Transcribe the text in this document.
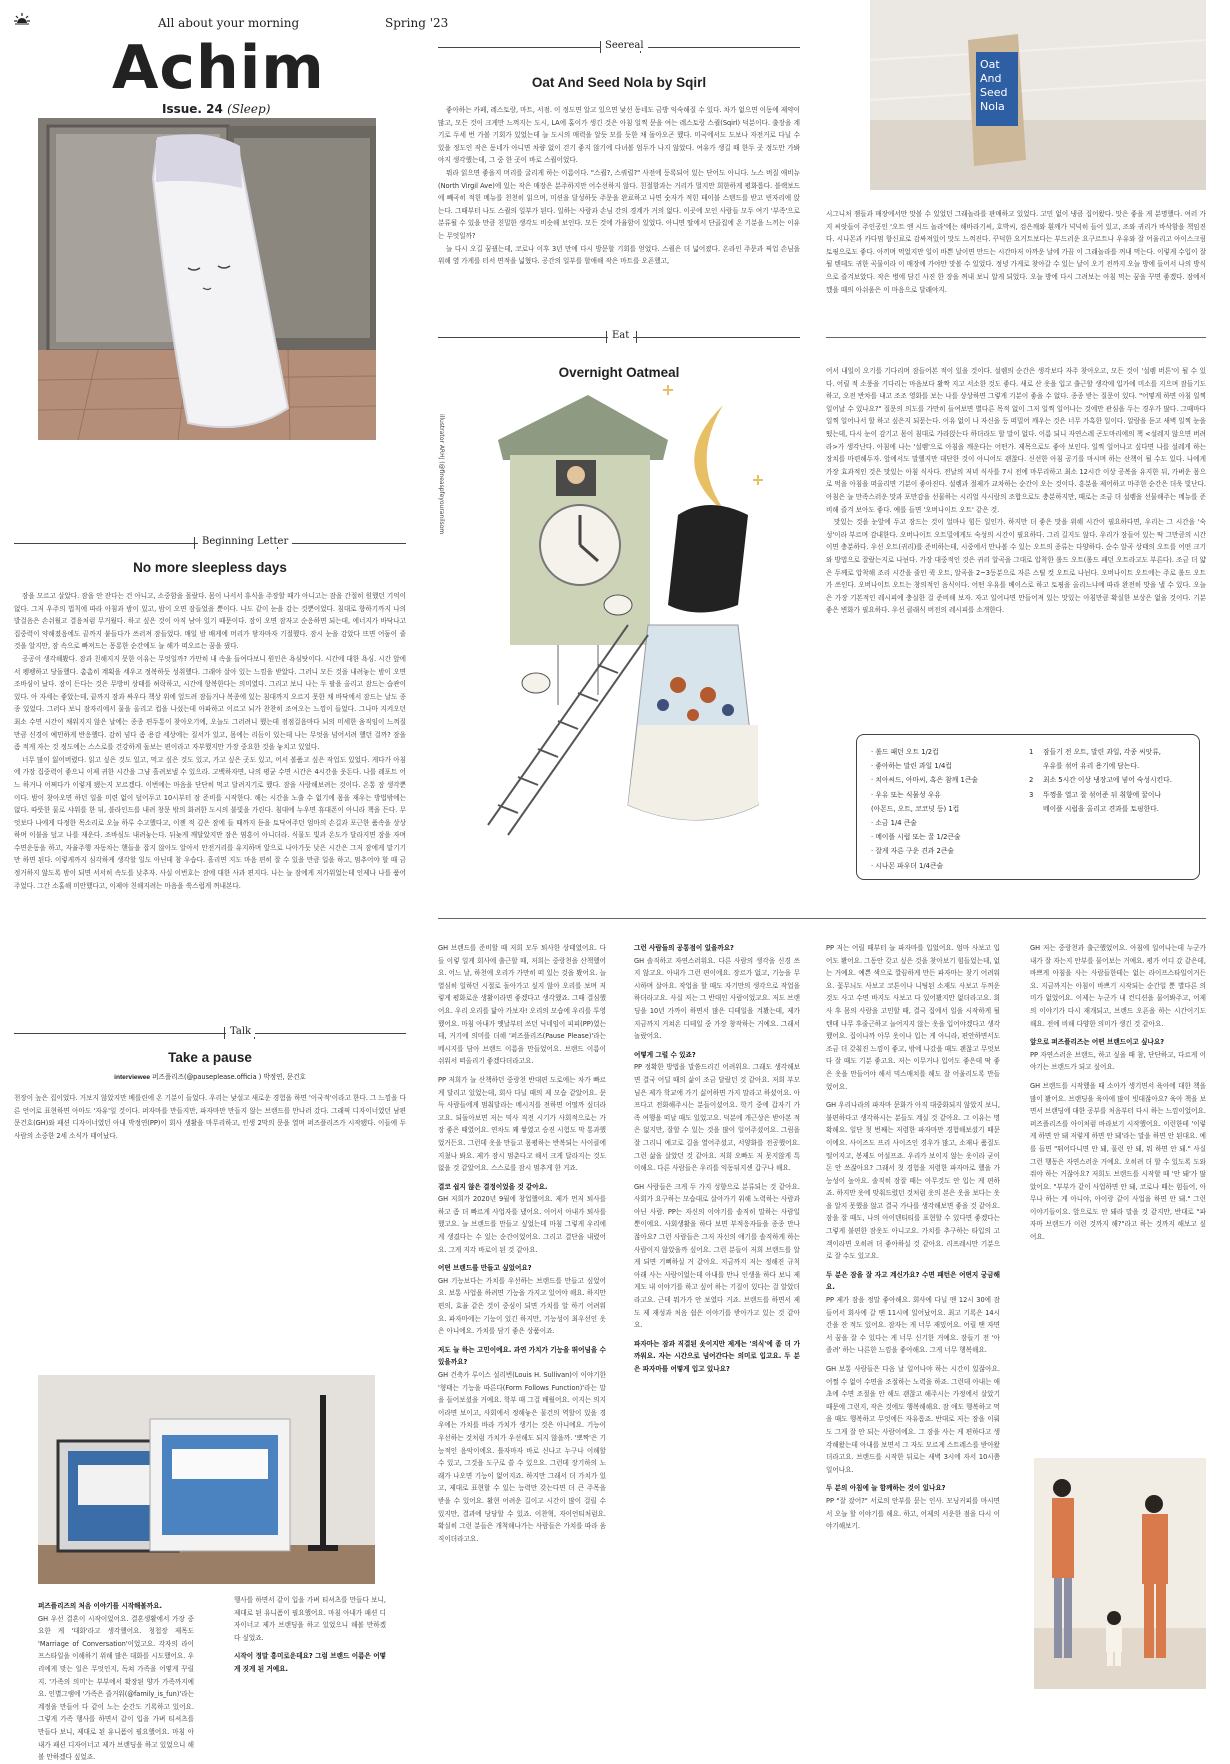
All about your morning	Spring '23
Achim
Issue. 24 (Sleep)
Beginning Letter
No more sleepless days

잠을 모르고 살았다. 잠을 안 잔다는 건 아니고, 소중함을 몰랐다. 몸이 나서서 휴식을 주장할 때가 아니고는 잠을 간절히 원했던 기억이 없다. 그저 우주의 법칙에 따라 아침과 밤이 있고, 밤이 오면 잠들었을 뿐이다. 나도 같이 눈을 감는 것뿐이었다. 침대로 향하기까지 나의 발걸음은 손쉬웠고 결음처럼 무거웠다. 하고 싶은 것이 아직 남아 있기 때문이다. 잠이 오면 잠자고 순응하면 되는데, 에너지가 바닥나고 집중력이 약해졌음에도 끝까지 붙들다가 쓰러져 잠들었다. 매일 밤 배게에 머리가 닿자마자 기절했다. 잠시 눈을 감았다 뜨면 어둠이 줄 것을 알지만, 잠 속으로 빠져드는 몽롱한 순간에도 늘 해가 떠오르는 꿈을 꿨다.

공공이 생각해봤다. 잠과 친해지지 못한 이유는 무엇일까? 가만히 내 속을 들여다보니 원인은 욕심탓이다. 시간에 대한 욕심. 시간 앞에서 펭펭하고 당돌했다. 촘촘히 계획을 세우고 정복하듯 성취했다. 그래야 살아 있는 느낌을 받았다. 그러니 모든 것을 내려놓는 밤이 오면 조바심이 났다. 잠이 든다는 것은 무방비 상태를 허락하고, 시간에 항복한다는 의미였다. 그리고 보니 나는 두 팔을 올리고 잠드는 습관이 있다. 아 자세는 좋았는데, 끝까지 잠과 싸우다 책상 위에 엎드려 잠들거나 복종에 있는 침대까지 오르지 못한 채 바닥에서 잠드는 날도 종종 있었다. 그러다 보니 잠자리에서 물을 올리고 컵을 나섰는데 아파하고 이르고 뇌가 찬찬히 조여오는 느낌이 들었다. 그나마 지켜오던 최소 수면 시간이 채워지지 않은 날에는 종종 편두통이 찾아오기에, 오늘도 그러려니 했는데 점점걸음마다 뇌의 미세한 움직임이 느껴질 만큼 신경이 예민하게 반응했다. 감히 넘다 좀 용감 세상에는 질서가 있고, 몸에는 리듬이 있는데 나는 무엇을 넘어서려 했던 걸까? 잠을 좀 적게 자는 것 정도에는 스스로를 건강하게 돌보는 편이라고 자부했지만 가장 중요한 것을 놓치고 있었다.

너무 많이 잃어버렸다. 읽고 싶은 것도 있고, 먹고 싶은 것도 있고, 가고 싶은 곳도 있고, 어서 볼품고 싶은 작업도 있었다. 게다가 아침에 가장 집중력이 좋으니 이제 귀한 시간을 그냥 흘려보낼 수 있으라. 고백하자면, 나의 평균 수면 시간은 4시간을 웃돈다. 나를 레포트 어느 하거나 어쩌다가 이렇게 됐는지 모르겠다. 이번에는 마음을 단단히 먹고 달려지기로 했다. 잠을 사랑해보려는 것이다. 온통 잠 생각뿐이다. 밤이 찾아오면 하던 일을 미련 없이 덮어두고 10시부터 잠 준비를 시작한다. 해는 시간을 노출 수 없기에 몸을 재우는 방법밖에는 없다. 따뜻한 물로 샤워를 한 뒤, 블라인드를 내려 창문 밖의 화려한 도시의 불빛을 가린다. 침대에 누우면 휴대폰이 아니라 책을 든다. 무엇보다 나에게 다정한 목소리로 오늘 하루 수고했다고, 이젠 적 깊은 잠에 들 때까지 듣을 토닥여주던 엄마의 손길과 포근한 품속을 상상하며 이불을 덮고 나를 재운다. 조바심도 내려놓는다. 뒤늦게 깨달았지만 잠은 염흥이 아니더라. 식물도 빛과 온도가 달라지면 잠을 자며 수면운동을 하고, 자율주행 자동차는 핸들을 잡지 않아도 알아서 안전거리를 유지하며 앞으로 나아가듯 낮은 시간은 그저 잠에게 맡기기만 하면 된다. 이렇게까지 심각하게 생각할 일도 아닌데 참 우습다. 흘리면 지도 마음 편히 잘 수 있을 만큼 일을 하고, 멈추어야 할 때 금정거하지 않도록 밤이 되면 서서히 속도를 낮추자. 사실 이번호는 잠에 대한 사과 편지다. 나는 늘 잠에게 저가워었는데 인제나 나를 품어주었다. 그간 소홀해 미안했다고, 이제야 친해지려는 마음을 쑥스럽게 꺼내본다.

Talk
Take a pause
interviewee 퍼즈플리즈(@pauseplease.officia ) 박정연, 문건호

천장이 높은 집이었다. 거보지 않았지만 베를린에 온 기분이 들었다. 우리는 낯설고 새로운 경험을 하면 '이국적'이라고 한다. 그 느낌을 다른 언어로 표현하면 아마도 '자유'일 것이다. 퍼자마를 만들지만, 파자마만 만들지 않는 브랜드를 만나러 갔다. 그래픽 디자이너였던 남편 문건호(GH)와 패션 디자이너였던 아내 박정연(PP)이 회사 생활을 마무리하고, 인생 2막의 문을 열며 퍼즈플리즈가 시작됐다. 이들에 두 사람의 소중한 2세 소식가 태어났다.

퍼즈플리즈의 처음 이야기를 시작해볼까요.

GH 우선 결혼이 시작이었어요. 결혼생활에서 가장 중요한 게 '대화'라고 생각했어요. 청첩장 제목도 'Marriage of Conversation'이었고요. 각자의 라이프스타일을 이해하기 위해 많은 대화를 시도했어요. 우리에게 맞는 일은 무엇인지, 독쳐 가족을 어떻게 꾸릴지. '가족의 의미'는 부부에서 확장된 양가 가족까지예요. 인별그램에 '가족은 즐거워(@family_is_fun)'라는 계정을 만들어 다 같이 노는 순간도 기록하고 있어요. 그렇게 가족 행사를 하면서 같이 입을 가벼 티셔츠를 만들다 보니, 제대로 된 유니폼이 필요했어요. 마침 아내가 패션 디자이너고 제가 브랜딩을 하고 있었으니 해볼 만하겠다 싶었죠.

행사를 하면서 같이 입을 가벼 티셔츠를 만들다 보니, 제대로 된 유니폼이 필요했어요. 마침 아내가 패션 디자이너고 제가 브랜딩을 하고 있었으니 해볼 만하겠다 싶었죠.

시작이 정말 흥미로운데요? 그럼 브랜드 이름은 어떻게 짓게 된 거예요.

GH 브랜드를 준비할 때 저희 모두 퇴사한 상태였어요. 다들 이렇 일게 회사에 출근할 때, 저희는 중랑천을 산책했어요. 어느 날, 하천에 오리가 가만히 떠 있는 것을 봤어요. 늘 열심히 일하던 시절로 돌아가고 싶지 않아 오리를 보며 저렇게 평화로운 생활이라면 좋겠다고 생각했죠. 그때 결심했어요. 우리 오리를 닮아 가보자! 오리의 모습에 우리를 투영했어요. 마침 아내가 옛날부터 쓰던 닉네임이 피피(PP)였는데, 거기에 의미를 더해 '퍼즈플리즈(Pause Please)'라는 메시지를 담아 브랜드 이름을 만들었어요. 브랜드 이름이 쉬워서 떠올리기 좋겠다더라고요.

PP 저희가 늘 산책하던 중랑천 반대편 도로에는 차가 빠르게 달리고 있었는데, 회사 다닐 때의 제 모습 같았어요. 문득 사람들에게 멈춰달라는 메시지를 전하면 어떨까 싶더라고요. 되돌아보면 저는 믹사 직전 시기가 사회적으로는 가장 좋은 때였어요. 연차도 꽤 쌓였고 승진 시험도 막 통과했었거든요. 그런데 옷을 만들고 몸평하는 반복되는 사이클에 지쳤나 봐요. 제가 잠시 멈춘다고 해서 크게 달라지는 것도 없을 것 같았어요. 스스로를 잠시 멈추게 한 거죠.

결코 쉽지 않은 결정이었을 것 같아요.

GH 저희가 2020년 9월에 창업했어요. 제가 먼저 퇴사를 하고 좀 더 빠르게 사업자를 냈어요. 이어서 아내가 퇴사를 했고요. 늘 브랜드를 만들고 싶었는데 마침 그렇게 우리에게 생겼다는 수 있는 순간이었어요. 그리고 결단을 내렸어요. 그게 지각 바로이 된 것 같아요.

어떤 브랜드를 만들고 싶었어요?

GH 기능보다는 가치를 우선하는 브랜드를 만들고 싶었어요. 보통 사업을 하려면 기능을 가지고 있어야 해요. 하지만 편의, 효율 같은 것이 중심이 되면 가치를 알 하기 어려워요. 파자마에는 기능이 있긴 하지만, 기능성이 최우선인 옷은 아니에요. 가치를 담기 좋은 상품이죠.

저도 늘 하는 고민이에요. 과연 가치가 기능을 뛰어넘을 수 있을까요?

GH 건축가 루이스 설리번(Louis H. Sullivan)이 이야기한 '형태는 기능을 따른다(Form Follows Function)'라는 말을 들어보셨을 거예요. 학부 때 그걸 배웠어요. 이지는 의지이라면 보이고, 사회에서 정해놓은 물건의 역할이 있을 경우에는 가치를 바라 가치가 생기는 것은 아니에요. 기능이 우선하는 것처럼 가치가 우선해도 되지 않을까. '뽀짝'은 기능적인 음악이에요. 틀자마자 바로 신나고 누구나 이해할 수 있고, 그것을 도구로 쓸 수 있으요. 그런데 장기하의 노래가 나오면 기능이 없어지죠. 하지만 그래서 더 가치가 있고, 제대로 표현할 수 있는 능력만 갖는다면 더 큰 주목을 받을 수 있어요. 활현 어려운 길이고 시간이 많이 걸릴 수 있지만, 결과에 당당할 수 있죠. 이찬혁, 자이언티처럼요. 확실히 그런 분들은 개척해나가는 사람들은 가치를 따라 움직이더라고요.

그런 사람들의 공통점이 있을까요?

GH 솔직하고 자연스러워요. 다른 사람의 생각을 신경 쓰지 않고요. 아내가 그런 편이에요. 장르가 없고, 기능을 무시하며 살아요. 작업을 할 때도 자기만의 생각으로 작업을 하더라고요. 사실 저는 그 반대인 사람이었고요. 저도 브랜딩을 10년 가까이 하면서 많은 디테일을 겨봤는데, 제가 지금까지 거쳐온 디테일 중 가장 창작하는 거예요. 그래서 놀랐어요.

어떻게 그럴 수 있죠?

PP 정확한 방법을 말씀드리긴 어려워요. 그래도 생각해보면 결국 어딜 때의 삶이 조금 달랐던 것 같아요. 저희 부모님은 제가 학교에 가기 싫어하면 가지 말라고 하셨어요. 아프다고 전화해주시는 분들이셨어요. 학기 중에 갑자기 가족 여행을 떠날 때도 있었고요. 덕분에 개근상은 받아본 적은 없지만, 잘할 수 있는 것을 많이 일어주셨어요. 그림을 잘 그리니 예고로 길을 열어주셨고, 서양화를 전공했어요. 그런 삶을 살았던 것 같아요. 저희 오빠도 저 못지않게 특이해요. 다른 사람들은 우리를 익동뒤지센 갑구나 해요.

GH 사람들은 크게 두 가지 성향으로 분류되는 것 같아요. 사회가 요구하는 모습대로 살아가기 위해 노력하는 사람과 아닌 사람. PP는 자신의 이야기를 솔직히 말하는 사람일 뿐이에요. 사회생활을 하다 보면 부적응자들을 종종 만나잖아요? 그런 사람들은 그저 자신의 얘기를 솔직하게 하는 사람이지 않았을까 싶어요. 그런 분들이 저희 브랜드를 알게 되면 기뻐하실 거 같아요. 지금까지 저는 정해진 규칙 아래 사는 사람이었는데 아내를 만나 인생을 하다 보니 제게도 내 이야기를 하고 싶어 하는 기질이 있다는 걸 알았더라고요. 근데 뭐가가 안 보였다 거죠. 브랜드를 하면서 제도 제 재성과 처음 쉽은 이야기를 받아가고 있는 것 같아요.

파자마는 잠과 직결된 옷이지만 제게는 '의식'에 좀 더 가까워요. 자는 시간으로 넘어간다는 의미로 입고요. 두 분은 파자마를 어떻게 입고 있나요?

PP 저는 어릴 때부터 늘 파자마를 입었어요. 엄마 사보고 입어도 봤어요. 그동안 갖고 싶은 것을 찾아보기 힘들었는데, 없는 거예요. 예쁜 색으로 깔끔하게 만든 파자마는 찾기 어려워요. 꽃무늬도 사보고 코튼이나 니팅된 소재도 사보고 두꺼운 것도 사고 수면 바지도 사보고 다 있어봤지만 없더라고요. 회사 후 몸의 사람을 고민할 때, 결국 집에서 일을 시작하게 될 텐데 나무 후줄근하고 늘어지지 않는 옷을 입어야겠다고 생각했어요. 집이나까 아무 옷이나 입는 게 아니라, 편안하면서도 조금 더 갖춰진 느낌이 좋고, 밖에 나갔을 때도 괜찮고 무엇보다 잘 때도 기분 좋고요. 저는 이무거나 입어도 좋은데 딱 좋은 옷을 만들어야 해서 믹스매치를 해도 잘 어울리도록 만들었어요.

GH 우리나라의 파자마 문화가 아직 대중화되지 않았지 보니, 불편하다고 생각하시는 분들도 계실 것 같아요. 그 이유는 명확해요. 일단 첫 번째는 저렴한 파자마만 경험해보셨기 때문이에요. 사이즈도 프리 사이즈인 경우가 많고, 소재나 품질도 떨어지고, 봉제도 어설프죠. 우리가 보이지 않는 옷이라 굳이 돈 안 쓰잖아요? 그래서 첫 경험을 저렴한 파자마로 했을 가능성이 높아요. 솔직히 잠잘 때는 아무것도 안 입는 게 편하죠. 하지만 옷에 맞춰드렸던 것처럼 옷의 본은 옷을 보다는 옷을 알지 못했을 않고 결국 가나를 생각해보면 좋을 것 같아요. 잠을 잘 때도, 나의 아이덴티티를 표현할 수 있다면 좋겠다는 그렇게 불편한 잠옷도 아니고요. 가치를 추구하는 타입의 고객이라면 오히려 더 좋아하실 것 같아요. 리프레시만 기분으로 잘 수도 있고요.

두 분은 잠을 잘 자고 계신가요? 수면 패턴은 어떤지 궁금해요.

PP 제가 잠을 정말 좋아해요. 회사에 다닐 땐 12시 30에 잠들어서 회사에 갈 땐 11시에 일어났어요. 최고 기록은 14시간을 잔 적도 있어요. 잠자는 게 너무 재밌어요. 어릴 땐 자면서 꿈을 잘 수 있다는 게 너무 신기한 거예요. 잠들기 전 '아 졸려' 하는 나른한 느낌을 좋아해요. 그게 너무 행복해요.

GH 보통 사람들은 다음 날 일어나야 하는 시간이 있잖아요. 어쩔 수 없이 수면을 조절하는 노력을 하죠. 그런데 아내는 애초에 수면 조절을 안 해도 괜찮고 해주시는 가정에서 살았기 때문에 그런지, 작은 것에도 행복해해요. 잠 애도 행복하고 먹을 때도 행복하고 무엇에든 자유롭죠. 반대로 저는 잠을 이뤄도 그게 잘 안 되는 사람이에요. 그 잠을 사는 게 편하다고 생각해왔는데 아내를 보면서 그 자도 모르게 스트레스를 받아왔더라고요. 브랜드를 시작한 뒤로는 새벽 3시에 자서 10시쯤 일어나요.

두 분의 아침에 늘 함께하는 것이 있나요?

PP "잘 잤어?" 서로의 안부를 묻는 인사. 모닝커피를 마시면서 오늘 할 이야기를 해요. 하고, 어제의 서운한 점을 다시 이야기해보기.

GH 저는 중랑천과 출근했었어요. 아침에 일어나는데 누군가 내가 잘 자는지 안부를 물어보는 거예요. 평가 어디 갔 같은데, 바쁘게 아침을 사는 사람들한테는 없는 라이프스타일이거든요. 지금까지는 아침이 바쁘기 시작되는 순간일 뿐 별다른 의미가 없었어요. 이제는 누군가 내 컨디션을 물어봐주고, 어제의 이야기가 다시 재개되고, 브랜드 오픈을 하는 시간이기도 해요. 전에 비해 다양한 의미가 생긴 것 같아요.

앞으로 퍼즈플리즈는 어떤 브랜드이고 싶나요?

PP 자연스러운 브랜드, 하고 싶을 때 참, 단단하고, 다르게 이야기는 브랜드가 되고 싶어요.

GH 브랜드를 시작했을 때 소아가 생기면서 육아에 대한 책을 많이 봤어요. 브랜딩을 육아에 많이 빗대잖아요? 육아 책을 보면서 브랜딩에 대한 공부를 처음부터 다시 하는 느낌이었어요. 퍼즈플리즈를 아이처럼 바라보기 시작했어요. 이런한테 '이렇게 하면 안 돼 저렇게 하면 안 돼'라는 말을 하면 안 된대요. 예를 들면 "뛰어다니면 안 돼, 물런 안 돼, 뭐 하면 안 돼." 사실 그런 행동은 자연스러운 거예요. 오히려 더 할 수 있도록 도와줘야 하는 거잖아요? 저희도 브랜드를 시작할 때 '안 돼'가 많았어요. "부부가 같이 사업하면 안 돼, 코로나 때는 힘들어, 아무나 하는 게 아니야, 아이랑 같이 사업을 하면 안 돼." 그런 이야기들이요. 앞으로도 안 돼라 말을 것 같지만, 반대로 "파자마 브랜드가 이런 것까지 해?"라고 하는 것까지 해보고 싶어요.

Seereal
Oat And Seed Nola by Sqirl

좋아하는 카페, 레스토랑, 마트, 서점. 이 정도면 알고 있으면 낯선 동네도 금방 익숙해질 수 있다. 차가 없으면 이동에 제약이 많고, 모든 것이 크게만 느껴지는 도시, LA에 홀이가 생긴 것은 아침 일찍 문을 여는 레스토랑 스퀄(Sqirl) 덕분이다. 출장을 계기로 두세 번 가볼 기회가 있었는데 늘 도시의 매력을 알듯 모를 듯한 채 돌아오곤 했다. 미국에서도 도보나 자전거로 다닐 수 있을 정도인 작은 동네가 아니면 차량 없이 걷기 좋지 않기에 다녀볼 엄두가 나지 않았다. 여유가 생길 때 한두 곳 정도만 가봐야지 생각했는데, 그 중 한 곳이 바로 스퀄이었다.

뭐라 읽으면 좋을지 머리를 굴리게 하는 이름이다. "스퀄?, 스쿼럴?" 사전에 등록되어 있는 단어도 아니다. 노스 버질 애비뉴(North Virgil Ave)에 있는 작은 매장은 분주하지만 어수선하지 않다. 친절함과는 거리가 멀지만 희한하게 평화롭다. 블랙보드에 빼곡히 적힌 메뉴를 천천히 읽으며, 미션을 달성하듯 주문을 완료하고 나면 숫자가 적힌 테이블 스탠드를 받고 빈자리에 앉는다. 그때부터 나도 스퀄의 일부가 된다. 일하는 사람과 손님 간의 경계가 거의 없다. 이곳에 모인 사람들 모두 여기 '부족'으로 분류될 수 있을 만큼 친밀한 생각도 비슷해 보인다. 모든 것에 가율함이 있었다. 아니면 딸에서 단골집에 온 기분을 느끼는 이유는 무엇일까?

늘 다시 오길 꿈꿨는데, 코로나 이후 3년 만에 다시 방문할 기회를 얻었다. 스퀄은 더 넓어졌다. 온라인 주문과 픽업 손님을 위해 옆 가게를 터서 면적을 넓혔다. 공간의 일부를 할애해 작은 마트를 오픈했고,

Oat
And
Seed
Nola

시그니처 잼들과 매장에서만 맛볼 수 있었던 그래놀라를 판매하고 있었다. 고민 없이 냉큼 집어왔다. 맛은 좋을 게 분명했다. 여러 가지 씨앗들이 주인공인 '오트 앤 시드 놀라'에는 해바라기씨, 호박씨, 검은깨와 흰깨가 넉넉히 들어 있고, 조와 귀리가 바삭함을 책임진다. 시나몬과 카다멈 향신료로 감싸져있어 맛도 느껴진다. 꾸덕한 요거트보다는 부드러운 요구르트나 우유와 잘 어울리고 아이스크림 토핑으로도 좋다. 아끼며 먹었지만 일이 바쁜 날이면 만드는 시간마저 아까운 날에 가끔 이 그래놀라를 꺼내 먹는다. 이렇게 수입이 잘될 텐데도 귀한 곡물이라 이 매장에 가야만 맛볼 수 있었다. 정녕 가게로 찾아갈 수 있는 날이 오기 전까지 오늘 방에 들어서 나의 방식으로 즐겨보았다. 작은 병에 담긴 사진 한 장을 꺼내 보니 알게 되었다. 오늘 방에 다시 그려보는 아침 먹는 꿈을 꾸면 좋겠다. 잠에서 깼을 때의 아쉬움은 이 마음으로 달래야지.

Eat
Overnight Oatmeal
illustrator ARHJ (@fineaspfeyouranilsom

어서 내일이 오기를 기다리며 잠들어본 적이 있을 것이다. 설렘의 순간은 생각보다 자주 찾아오고, 모든 것이 '설렘 버튼'이 될 수 있다. 어릴 적 소풍을 기다리는 마음보다 활짝 지고 서소한 것도 좋다. 새로 산 옷을 입고 출근할 생각에 입가에 미소를 지으며 잠들기도 하고, 오전 반차를 내고 조조 영화를 보는 나를 상상하면 그렇게 기분이 좋을 수 없다. 종종 받는 질문이 있다. "어떻게 하면 아침 일찍 일어날 수 있나요?" 질문의 의도를 가만히 들여보면 별다른 목적 없이 그저 일찍 일어나는 것에만 관심을 두는 경우가 많다. 그때마다 일찍 일어나서 할 하고 싶은지 되묻는다. 이유 없이 나 자신을 등 떠밀어 깨우는 것은 너무 가혹한 일이다. 알람을 듣고 새벽 일찍 눈을 떴는데, 다시 눈이 감기고 몸이 침대로 가라앉는다 하더라도 할 말이 없다. 이름 되니 자연스레 곤도마리에의 책 <설레지 않으면 버려라>가 생각난다. 아침에 나는 '설렘'으로 아침을 깨운다는 어떤가. 제목으로도 좋아 보인다. 일찍 일어나고 싶다면 나를 설레게 하는 장치를 마련해두자. 앞에서도 말했지만 대단한 것이 아니어도 괜찮다. 신선한 아침 공기를 마시며 하는 산책이 될 수도 있다. 나에게 가장 효과적인 것은 맛있는 아침 식사다. 전날의 저녁 식사를 7시 전에 마무리하고 최소 12시간 이상 공복을 유지한 뒤, 가벼운 몸으로 먹을 아침을 떠올리면 기분이 좋아진다. 설렘과 절제가 교차하는 순간이 오는 것이다. 흥분을 제어하고 마주한 순간은 더욱 빛난다. 아침은 늘 만족스러운 맛과 포만감을 선물하는 시리얼 사시람의 조합으로도 충분하지만, 때로는 조금 더 설렘을 선물해주는 메뉴를 준비해 즐겨 보아도 좋다. 예를 들면 '오버나이트 오트' 같은 것.

맛있는 것을 눈앞에 두고 잠드는 것이 얼마나 힘든 일인가. 하지만 더 좋은 맛을 위해 시간이 필요하다면, 우리는 그 시간을 '숙성'이라 부르며 감내한다. 오버나이트 오트밀에게도 숙성의 시간이 필요하다. 그리 길지도 않다. 우리가 잠들어 있는 딱 그만큼의 시간이면 충분하다. 우선 오트(귀리)를 준비하는데, 시중에서 만나볼 수 있는 오트의 종류는 다양하다. 순수 알곡 상태의 오트를 어떤 크기와 방법으로 잘랐는지로 나뉜다. 가장 대중적인 것은 귀리 알곡을 그대로 압착한 롤드 오트(롤드 패던 오트라고도 부른다). 조금 더 얇은 두께로 압착해 조리 시간을 줄인 퀵 오트, 알곡을 2~3등분으로 자른 스틸 컷 오트로 나뉜다. 오버나이트 오트에는 주로 롤드 오트가 쓰인다. 오버나이트 오트는 창의적인 음식이다. 어떤 우유를 베이스로 하고 토핑을 올리느냐에 따라 완전히 맛을 낼 수 있다. 오늘은 가장 기본적인 레시피에 충실한 걸 준비해 보자. 자고 일어나면 만들어져 있는 맛있는 아침만큼 확실한 보상은 없을 것이다. 기분 좋은 변화가 필요하다. 우선 클래식 버전의 레시피를 소개한다.

· 롤드 패던 오트 1/2컵
· 좋아하는 말린 과일 1/4컵
· 치아씨드, 아마씨, 혹은 참깨 1큰술
· 우유 또는 식물성 우유
(아몬드, 오트, 코코넛 등) 1컵
· 소금 1/4 큰술
· 메이플 시럽 또는 꿀 1/2큰술
· 잘게 자른 구운 견과 2큰술
· 시나몬 파우더 1/4큰술
1 잠들기 전 오트, 말린 과일, 각종 씨앗류,
우유를 섞어 유리 용기에 담는다.
2 최소 5시간 이상 냉장고에 넣어 숙성시킨다.
3 뚜껑을 열고 잘 섞어준 뒤 취향에 꿀이나
메이플 시럽을 올리고 견과를 토핑한다.
